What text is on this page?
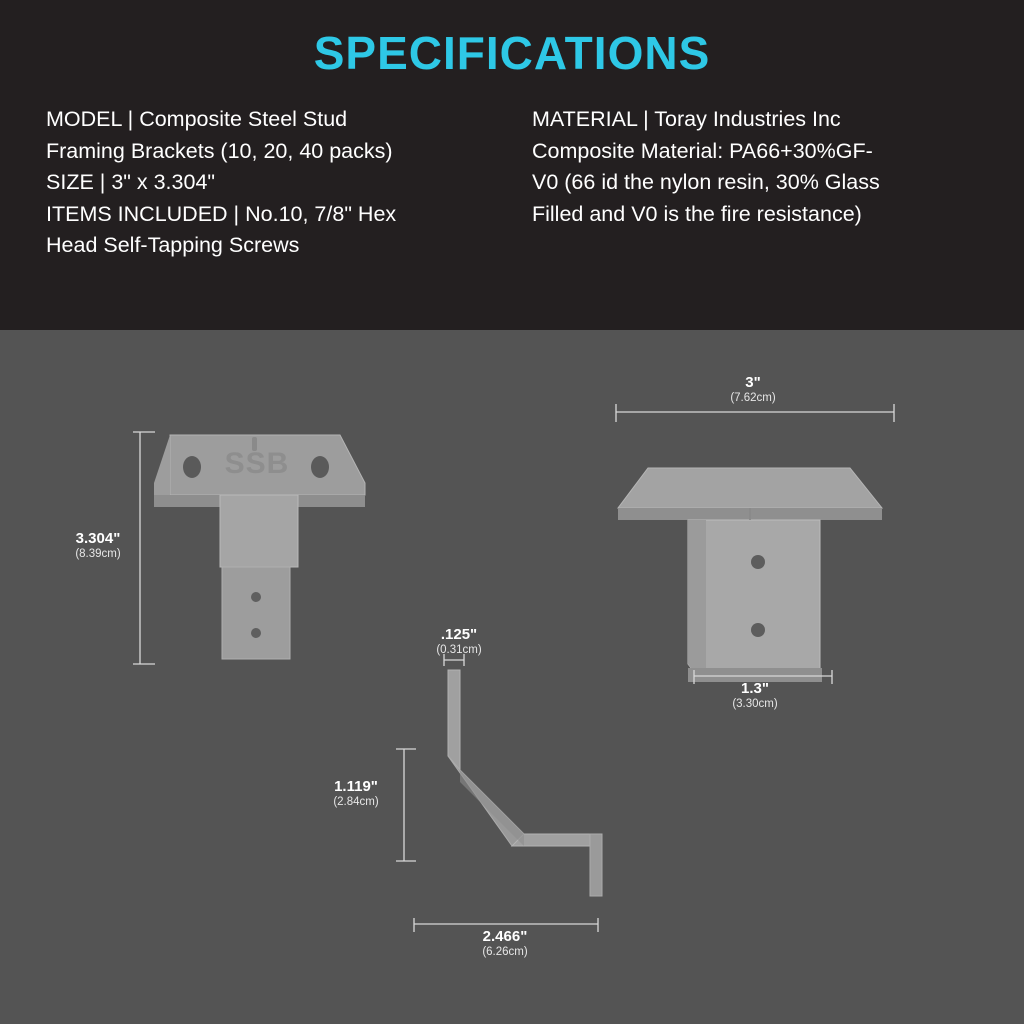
SPECIFICATIONS

MODEL | Composite Steel Stud

Framing Brackets (10, 20, 40 packs)

SIZE | 3" x 3.304"

ITEMS INCLUDED | No.10, 7/8" Hex

Head Self-Tapping Screws

MATERIAL | Toray Industries Inc

Composite Material: PA66+30%GF-

V0 (66 id the nylon resin, 30% Glass

Filled and V0 is the fire resistance)

SSB
3.304"
(8.39cm)
3"
(7.62cm)
1.3"
(3.30cm)
.125"
(0.31cm)
1.119"
(2.84cm)
2.466"
(6.26cm)
